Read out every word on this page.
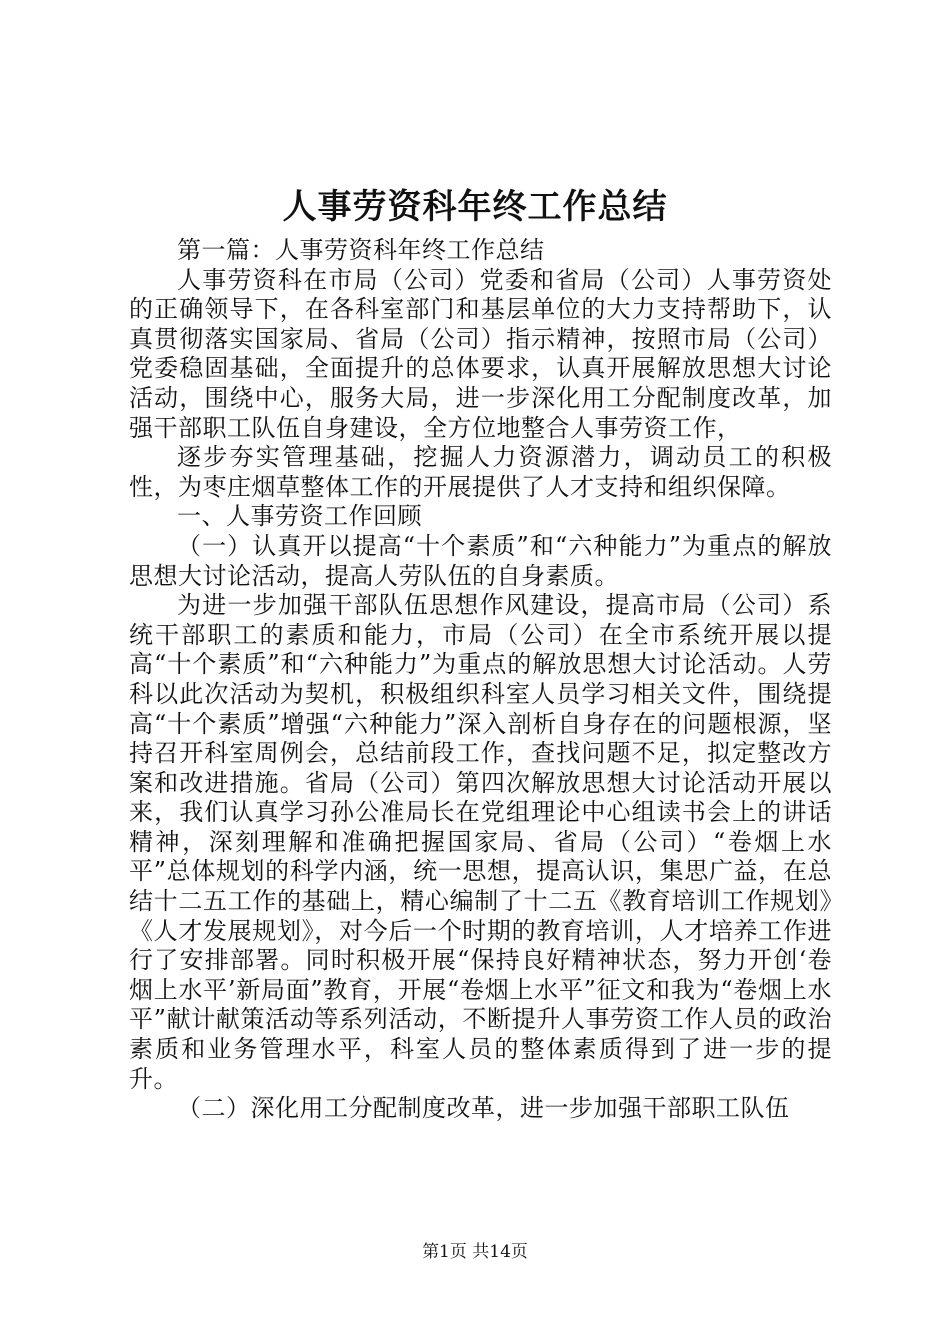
人事劳资科年终工作总结

第一篇：人事劳资科年终工作总结

人事劳资科在市局（公司）党委和省局（公司）人事劳资处的正确领导下，在各科室部门和基层单位的大力支持帮助下，认真贯彻落实国家局、省局（公司）指示精神，按照市局（公司）党委稳固基础，全面提升的总体要求，认真开展解放思想大讨论活动，围绕中心，服务大局，进一步深化用工分配制度改革，加强干部职工队伍自身建设，全方位地整合人事劳资工作，

逐步夯实管理基础，挖掘人力资源潜力，调动员工的积极性，为枣庄烟草整体工作的开展提供了人才支持和组织保障。

一、人事劳资工作回顾

（一）认真开以提高“十个素质”和“六种能力”为重点的解放思想大讨论活动，提高人劳队伍的自身素质。

为进一步加强干部队伍思想作风建设，提高市局（公司）系统干部职工的素质和能力，市局（公司）在全市系统开展以提高“十个素质”和“六种能力”为重点的解放思想大讨论活动。人劳科以此次活动为契机，积极组织科室人员学习相关文件，围绕提高“十个素质”增强“六种能力”深入剖析自身存在的问题根源，坚持召开科室周例会，总结前段工作，查找问题不足，拟定整改方案和改进措施。省局（公司）第四次解放思想大讨论活动开展以来，我们认真学习孙公准局长在党组理论中心组读书会上的讲话精神，深刻理解和准确把握国家局、省局（公司）“卷烟上水平”总体规划的科学内涵，统一思想，提高认识，集思广益，在总结十二五工作的基础上，精心编制了十二五《教育培训工作规划》《人才发展规划》，对今后一个时期的教育培训，人才培养工作进行了安排部署。同时积极开展“保持良好精神状态，努力开创‘卷烟上水平’新局面”教育，开展“卷烟上水平”征文和我为“卷烟上水平”献计献策活动等系列活动，不断提升人事劳资工作人员的政治素质和业务管理水平，科室人员的整体素质得到了进一步的提升。

（二）深化用工分配制度改革，进一步加强干部职工队伍

第1页 共14页
